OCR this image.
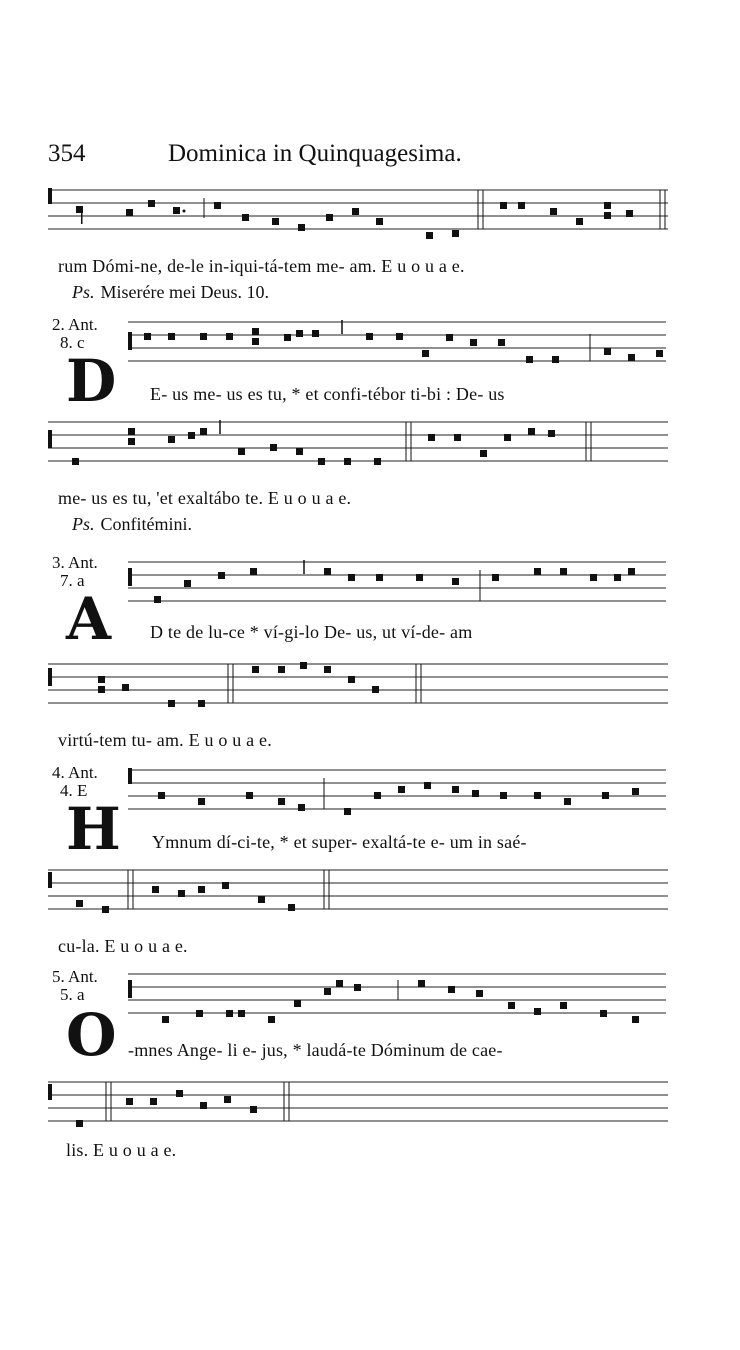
354	Dominica in Quinquagesima.
rum Dómi-ne, de-le in-iqui-tá-tem me- am. E u o u a e.
Ps. Miserére mei Deus. 10.
2. Ant.
8. c
D E- us me- us es tu, * et confi-tébor ti-bi : De- us
me- us es tu, 'et exaltábo te. E u o u a e.
Ps. Confitémini.
3. Ant.
7. a
A D te de lu-ce * ví-gi-lo De- us, ut ví-de- am
virtú-tem tu- am. E u o u a e.
4. Ant.
4. E
H Ymnum dí-ci-te, * et super- exaltá-te e- um in saé-
cu-la. E u o u a e.
5. Ant.
5. a
O -mnes Ange- li e- jus, * laudá-te Dóminum de cae-
lis. E u o u a e.
